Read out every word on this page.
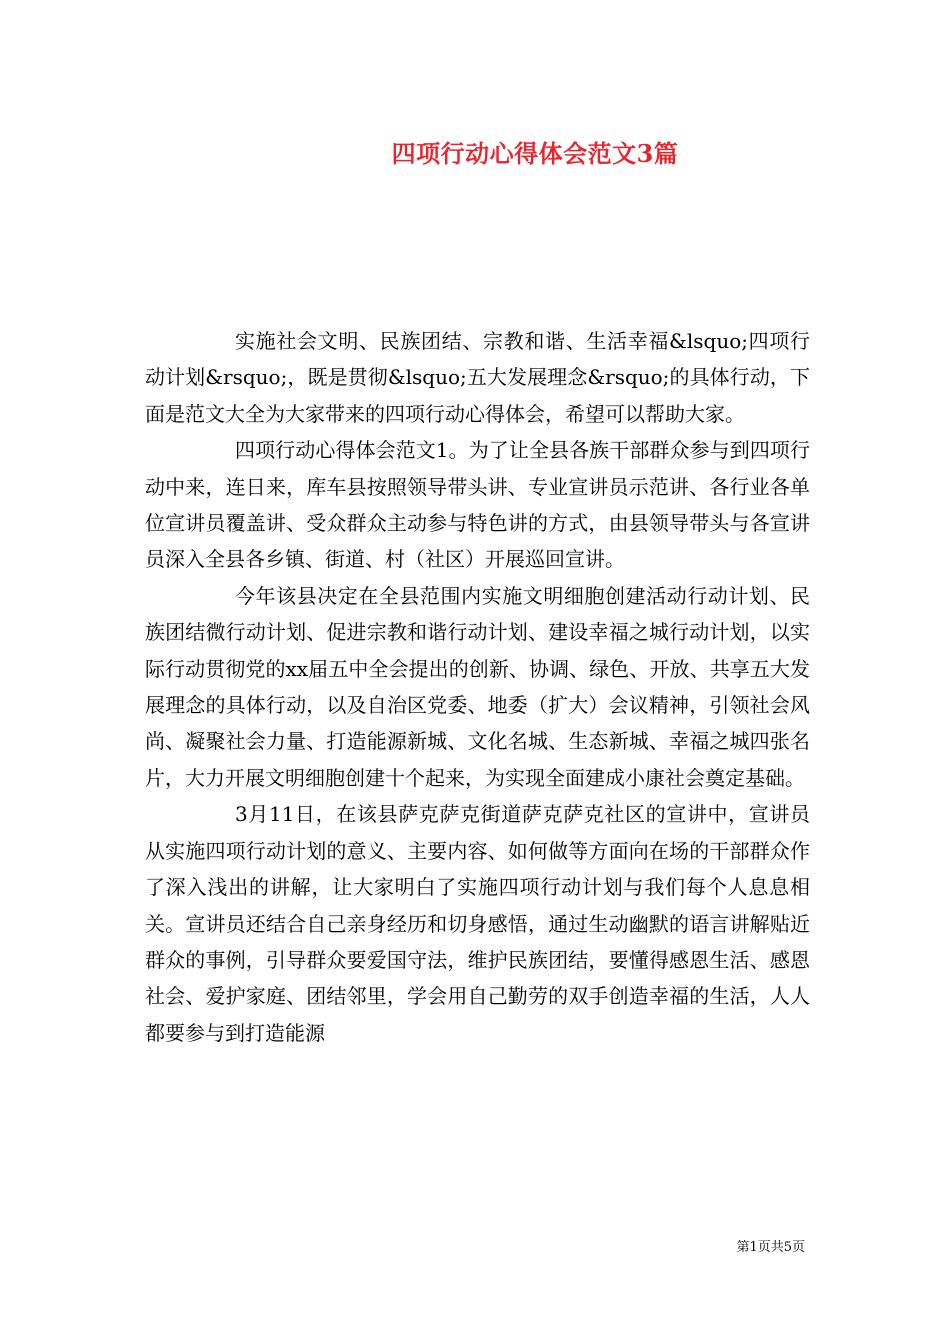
四项行动心得体会范文3篇

实施社会文明、民族团结、宗教和谐、生活幸福&lsquo;四项行动计划&rsquo;，既是贯彻&lsquo;五大发展理念&rsquo;的具体行动，下面是范文大全为大家带来的四项行动心得体会，希望可以帮助大家。

四项行动心得体会范文1。为了让全县各族干部群众参与到四项行动中来，连日来，库车县按照领导带头讲、专业宣讲员示范讲、各行业各单位宣讲员覆盖讲、受众群众主动参与特色讲的方式，由县领导带头与各宣讲员深入全县各乡镇、街道、村（社区）开展巡回宣讲。

今年该县决定在全县范围内实施文明细胞创建活动行动计划、民族团结微行动计划、促进宗教和谐行动计划、建设幸福之城行动计划，以实际行动贯彻党的xx届五中全会提出的创新、协调、绿色、开放、共享五大发展理念的具体行动，以及自治区党委、地委（扩大）会议精神，引领社会风尚、凝聚社会力量、打造能源新城、文化名城、生态新城、幸福之城四张名片，大力开展文明细胞创建十个起来，为实现全面建成小康社会奠定基础。

3月11日，在该县萨克萨克街道萨克萨克社区的宣讲中，宣讲员从实施四项行动计划的意义、主要内容、如何做等方面向在场的干部群众作了深入浅出的讲解，让大家明白了实施四项行动计划与我们每个人息息相关。宣讲员还结合自己亲身经历和切身感悟，通过生动幽默的语言讲解贴近群众的事例，引导群众要爱国守法，维护民族团结，要懂得感恩生活、感恩社会、爱护家庭、团结邻里，学会用自己勤劳的双手创造幸福的生活，人人都要参与到打造能源

第1页共5页
